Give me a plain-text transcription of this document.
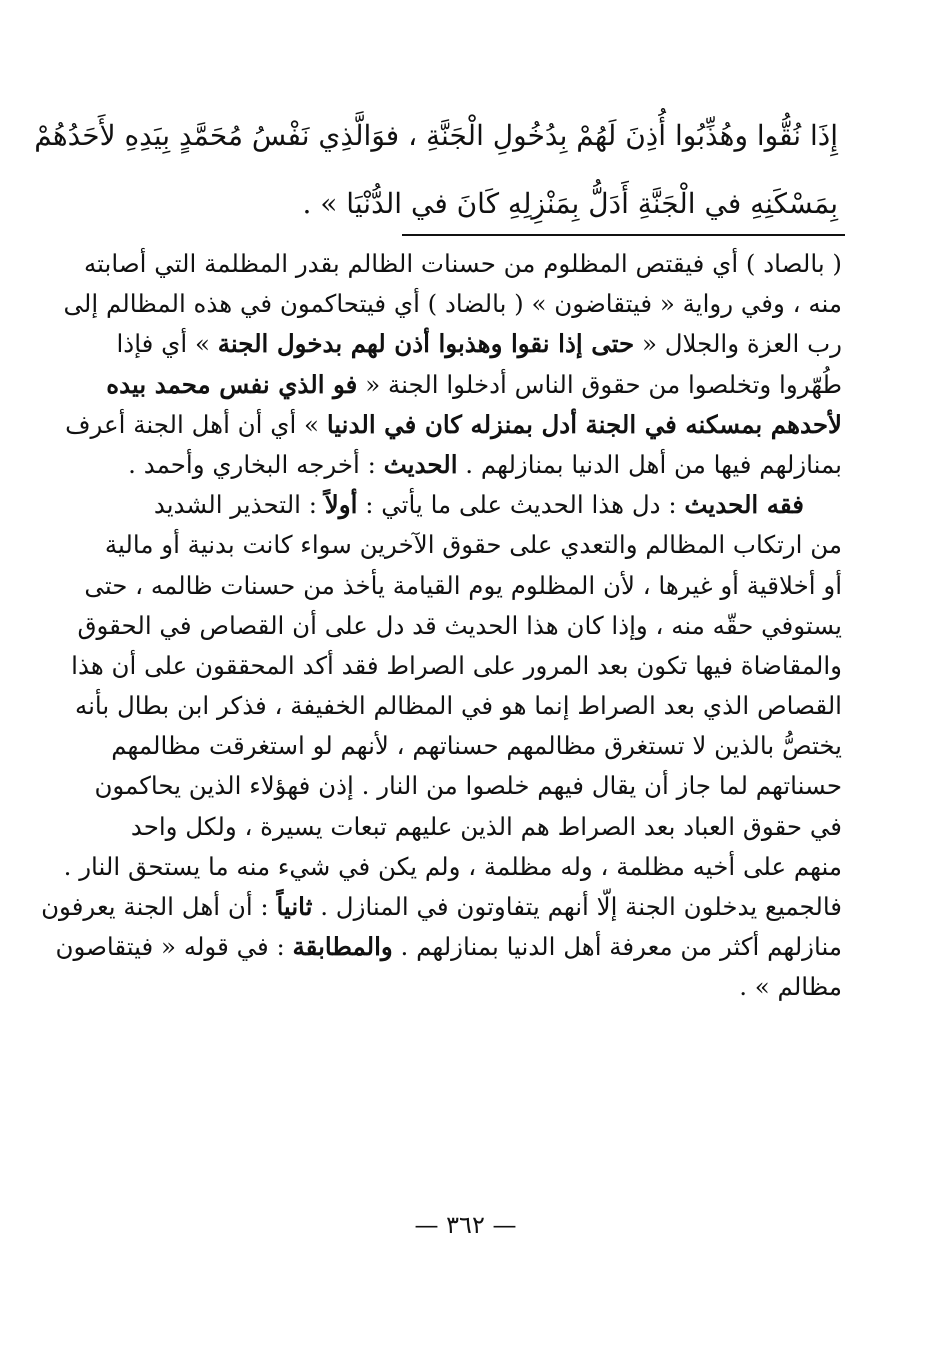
إِذَا نُقُّوا وهُذِّبُوا أُذِنَ لَهُمْ بِدُخُولِ الْجَنَّةِ ، فوَالَّذِي نَفْسُ مُحَمَّدٍ بِيَدِهِ لأَحَدُهُمْ
بِمَسْكَنِهِ في الْجَنَّةِ أَدَلُّ بِمَنْزِلِهِ كَانَ في الدُّنْيَا » .
( بالصاد ) أي فيقتص المظلوم من حسنات الظالم بقدر المظلمة التي أصابته
منه ، وفي رواية « فيتقاضون » ( بالضاد ) أي فيتحاكمون في هذه المظالم إلى
رب العزة والجلال « حتى إذا نقوا وهذبوا أذن لهم بدخول الجنة » أي فإذا
طُهّروا وتخلصوا من حقوق الناس أدخلوا الجنة « فو الذي نفس محمد بيده
لأحدهم بمسكنه في الجنة أدل بمنزله كان في الدنيا » أي أن أهل الجنة أعرف
بمنازلهم فيها من أهل الدنيا بمنازلهم . الحديث : أخرجه البخاري وأحمد .
فقه الحديث : دل هذا الحديث على ما يأتي : أولاً : التحذير الشديد
من ارتكاب المظالم والتعدي على حقوق الآخرين سواء كانت بدنية أو مالية
أو أخلاقية أو غيرها ، لأن المظلوم يوم القيامة يأخذ من حسنات ظالمه ، حتى
يستوفي حقّه منه ، وإذا كان هذا الحديث قد دل على أن القصاص في الحقوق
والمقاضاة فيها تكون بعد المرور على الصراط فقد أكد المحققون على أن هذا
القصاص الذي بعد الصراط إنما هو في المظالم الخفيفة ، فذكر ابن بطال بأنه
يختصُّ بالذين لا تستغرق مظالمهم حسناتهم ، لأنهم لو استغرقت مظالمهم
حسناتهم لما جاز أن يقال فيهم خلصوا من النار . إذن فهؤلاء الذين يحاكمون
في حقوق العباد بعد الصراط هم الذين عليهم تبعات يسيرة ، ولكل واحد
منهم على أخيه مظلمة ، وله مظلمة ، ولم يكن في شيء منه ما يستحق النار .
فالجميع يدخلون الجنة إلّا أنهم يتفاوتون في المنازل . ثانياً : أن أهل الجنة يعرفون
منازلهم أكثر من معرفة أهل الدنيا بمنازلهم . والمطابقة : في قوله « فيتقاصون
مظالم » .
— ٣٦٢ —
